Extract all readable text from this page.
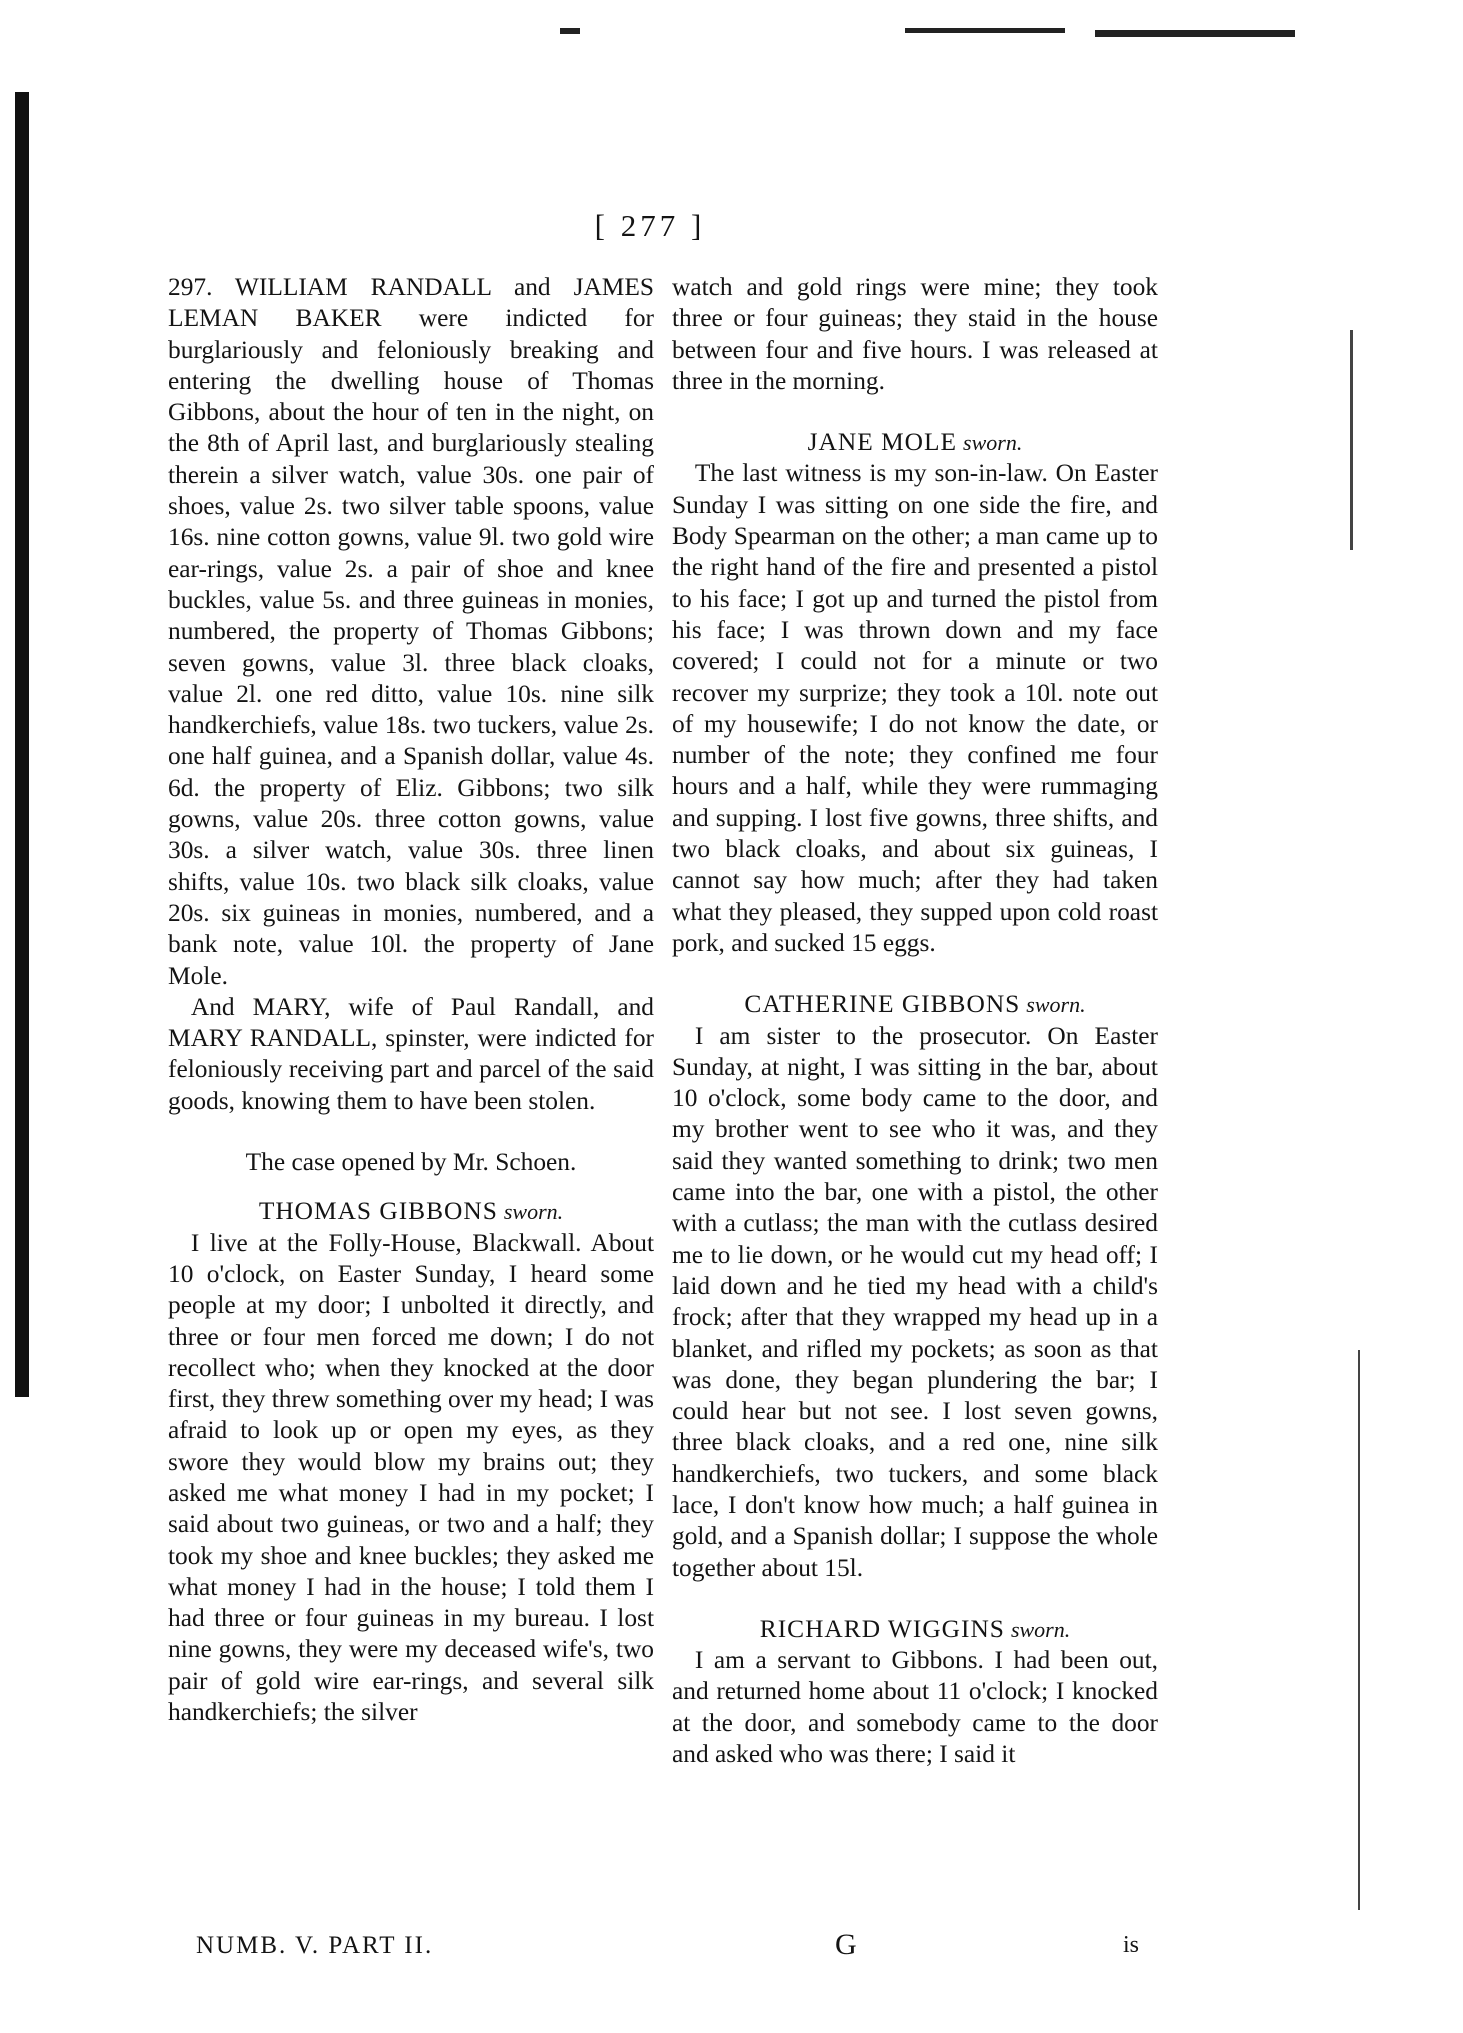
[ 277 ]

297. WILLIAM RANDALL and JAMES LEMAN BAKER were indicted for burglariously and feloniously breaking and entering the dwelling house of Thomas Gibbons, about the hour of ten in the night, on the 8th of April last, and burglariously stealing therein a silver watch, value 30s. one pair of shoes, value 2s. two silver table spoons, value 16s. nine cotton gowns, value 9l. two gold wire ear-rings, value 2s. a pair of shoe and knee buckles, value 5s. and three guineas in monies, numbered, the property of Thomas Gibbons; seven gowns, value 3l. three black cloaks, value 2l. one red ditto, value 10s. nine silk handkerchiefs, value 18s. two tuckers, value 2s. one half guinea, and a Spanish dollar, value 4s. 6d. the property of Eliz. Gibbons; two silk gowns, value 20s. three cotton gowns, value 30s. a silver watch, value 30s. three linen shifts, value 10s. two black silk cloaks, value 20s. six guineas in monies, numbered, and a bank note, value 10l. the property of Jane Mole.

And MARY, wife of Paul Randall, and MARY RANDALL, spinster, were indicted for feloniously receiving part and parcel of the said goods, knowing them to have been stolen.

The case opened by Mr. Schoen.

THOMAS GIBBONS sworn.

I live at the Folly-House, Blackwall. About 10 o'clock, on Easter Sunday, I heard some people at my door; I unbolted it directly, and three or four men forced me down; I do not recollect who; when they knocked at the door first, they threw something over my head; I was afraid to look up or open my eyes, as they swore they would blow my brains out; they asked me what money I had in my pocket; I said about two guineas, or two and a half; they took my shoe and knee buckles; they asked me what money I had in the house; I told them I had three or four guineas in my bureau. I lost nine gowns, they were my deceased wife's, two pair of gold wire ear-rings, and several silk handkerchiefs; the silver

watch and gold rings were mine; they took three or four guineas; they staid in the house between four and five hours. I was released at three in the morning.

JANE MOLE sworn.

The last witness is my son-in-law. On Easter Sunday I was sitting on one side the fire, and Body Spearman on the other; a man came up to the right hand of the fire and presented a pistol to his face; I got up and turned the pistol from his face; I was thrown down and my face covered; I could not for a minute or two recover my surprize; they took a 10l. note out of my housewife; I do not know the date, or number of the note; they confined me four hours and a half, while they were rummaging and supping. I lost five gowns, three shifts, and two black cloaks, and about six guineas, I cannot say how much; after they had taken what they pleased, they supped upon cold roast pork, and sucked 15 eggs.

CATHERINE GIBBONS sworn.

I am sister to the prosecutor. On Easter Sunday, at night, I was sitting in the bar, about 10 o'clock, some body came to the door, and my brother went to see who it was, and they said they wanted something to drink; two men came into the bar, one with a pistol, the other with a cutlass; the man with the cutlass desired me to lie down, or he would cut my head off; I laid down and he tied my head with a child's frock; after that they wrapped my head up in a blanket, and rifled my pockets; as soon as that was done, they began plundering the bar; I could hear but not see. I lost seven gowns, three black cloaks, and a red one, nine silk handkerchiefs, two tuckers, and some black lace, I don't know how much; a half guinea in gold, and a Spanish dollar; I suppose the whole together about 15l.

RICHARD WIGGINS sworn.

I am a servant to Gibbons. I had been out, and returned home about 11 o'clock; I knocked at the door, and somebody came to the door and asked who was there; I said it

NUMB. V. PART II.	G	is
